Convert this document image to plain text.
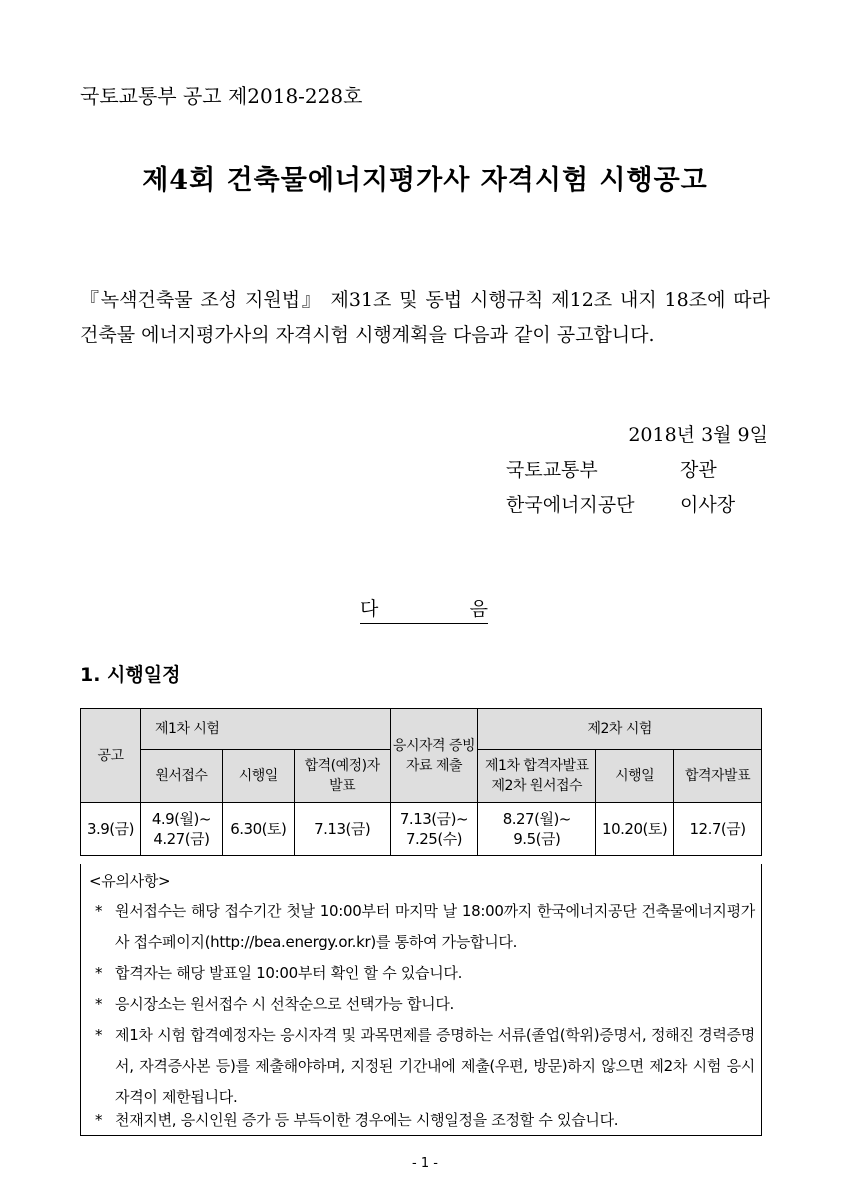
국토교통부 공고 제2018-228호
제4회 건축물에너지평가사 자격시험 시행공고
『녹색건축물 조성 지원법』 제31조 및 동법 시행규칙 제12조 내지 18조에 따라 건축물 에너지평가사의 자격시험 시행계획을 다음과 같이 공고합니다.
2018년 3월 9일
국토교통부	장관
한국에너지공단 이사장
다	음
1. 시행일정
공고	제1차 시험			응시자격 증빙자료 제출	제2차 시험		
	원서접수	시행일	합격(예정)자 발표		제1차 합격자발표 제2차 원서접수	시행일	합격자발표
3.9(금)	4.9(월)~ 4.27(금)	6.30(토)	7.13(금)	7.13(금)~ 7.25(수)	8.27(월)~ 9.5(금)	10.20(토)	12.7(금)
<유의사항>
* 원서접수는 해당 접수기간 첫날 10:00부터 마지막 날 18:00까지 한국에너지공단 건축물에너지평가사 접수페이지(http://bea.energy.or.kr)를 통하여 가능합니다.
* 합격자는 해당 발표일 10:00부터 확인 할 수 있습니다.
* 응시장소는 원서접수 시 선착순으로 선택가능 합니다.
* 제1차 시험 합격예정자는 응시자격 및 과목면제를 증명하는 서류(졸업(학위)증명서, 정해진 경력증명서, 자격증사본 등)를 제출해야하며, 지정된 기간내에 제출(우편, 방문)하지 않으면 제2차 시험 응시자격이 제한됩니다.
* 천재지변, 응시인원 증가 등 부득이한 경우에는 시행일정을 조정할 수 있습니다.
- 1 -
